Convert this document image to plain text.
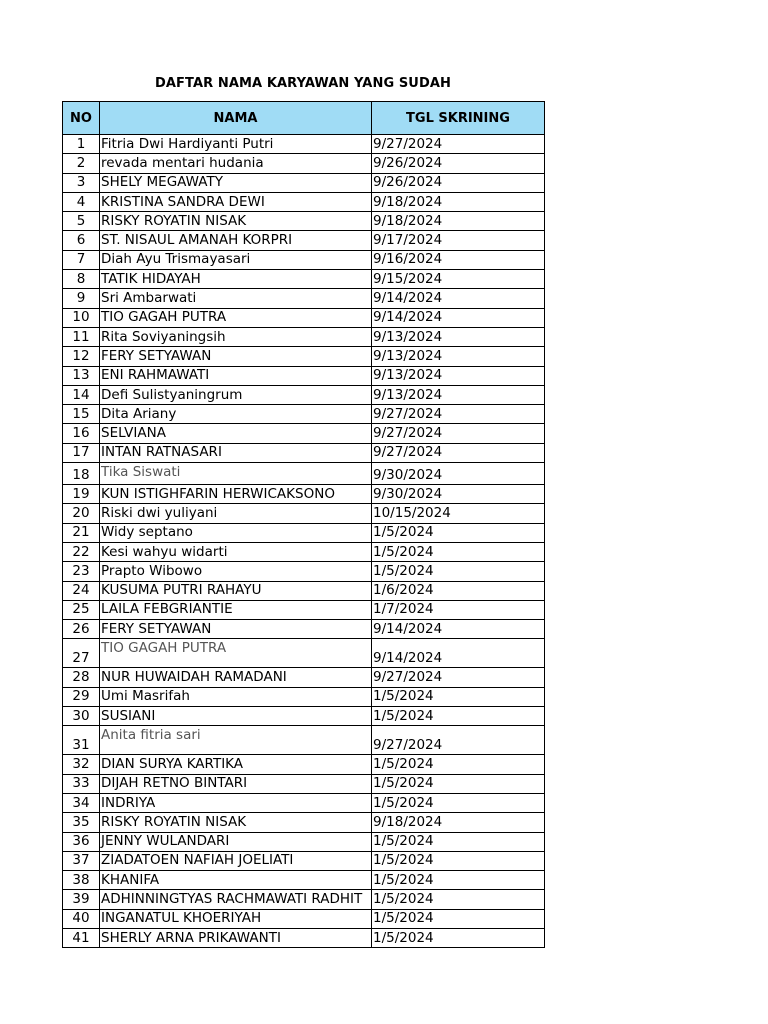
DAFTAR NAMA KARYAWAN YANG SUDAH
NO	NAMA	TGL SKRINING
1	Fitria Dwi Hardiyanti Putri	9/27/2024
2	revada mentari hudania	9/26/2024
3	SHELY MEGAWATY	9/26/2024
4	KRISTINA SANDRA DEWI	9/18/2024
5	RISKY ROYATIN NISAK	9/18/2024
6	ST. NISAUL AMANAH KORPRI	9/17/2024
7	Diah Ayu Trismayasari	9/16/2024
8	TATIK HIDAYAH	9/15/2024
9	Sri Ambarwati	9/14/2024
10	TIO GAGAH PUTRA	9/14/2024
11	Rita Soviyaningsih	9/13/2024
12	FERY SETYAWAN	9/13/2024
13	ENI RAHMAWATI	9/13/2024
14	Defi Sulistyaningrum	9/13/2024
15	Dita Ariany	9/27/2024
16	SELVIANA	9/27/2024
17	INTAN RATNASARI	9/27/2024
18	Tika Siswati	9/30/2024
19	KUN ISTIGHFARIN HERWICAKSONO	9/30/2024
20	Riski dwi yuliyani	10/15/2024
21	Widy septano	1/5/2024
22	Kesi wahyu widarti	1/5/2024
23	Prapto Wibowo	1/5/2024
24	KUSUMA PUTRI RAHAYU	1/6/2024
25	LAILA FEBGRIANTIE	1/7/2024
26	FERY SETYAWAN	9/14/2024
27	TIO GAGAH PUTRA	9/14/2024
28	NUR HUWAIDAH RAMADANI	9/27/2024
29	Umi Masrifah	1/5/2024
30	SUSIANI	1/5/2024
31	Anita fitria sari	9/27/2024
32	DIAN SURYA KARTIKA	1/5/2024
33	DIJAH RETNO BINTARI	1/5/2024
34	INDRIYA	1/5/2024
35	RISKY ROYATIN NISAK	9/18/2024
36	JENNY WULANDARI	1/5/2024
37	ZIADATOEN NAFIAH JOELIATI	1/5/2024
38	KHANIFA	1/5/2024
39	ADHINNINGTYAS RACHMAWATI RADHIT	1/5/2024
40	INGANATUL KHOERIYAH	1/5/2024
41	SHERLY ARNA PRIKAWANTI	1/5/2024
